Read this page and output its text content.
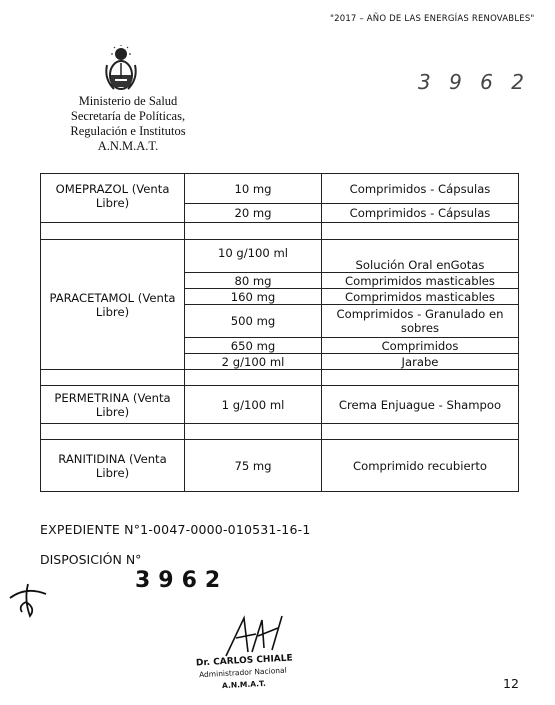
"2017 – AÑO DE LAS ENERGÍAS RENOVABLES"
Ministerio de Salud
Secretaría de Políticas,
Regulación e Institutos
A.N.M.A.T.
3 9 6 2
OMEPRAZOL (Venta Libre)	10 mg	Comprimidos - Cápsulas
	20 mg	Comprimidos - Cápsulas

PARACETAMOL (Venta Libre)	10 g/100 ml	Solución Oral enGotas
	80 mg	Comprimidos masticables
	160 mg	Comprimidos masticables
	500 mg	Comprimidos - Granulado en sobres
	650 mg	Comprimidos
	2 g/100 ml	Jarabe

PERMETRINA (Venta Libre)	1 g/100 ml	Crema Enjuague - Shampoo

RANITIDINA (Venta Libre)	75 mg	Comprimido recubierto
EXPEDIENTE N°1-0047-0000-010531-16-1
DISPOSICIÓN N°
3962
Dr. CARLOS CHIALE
Administrador Nacional
A.N.M.A.T.	12
